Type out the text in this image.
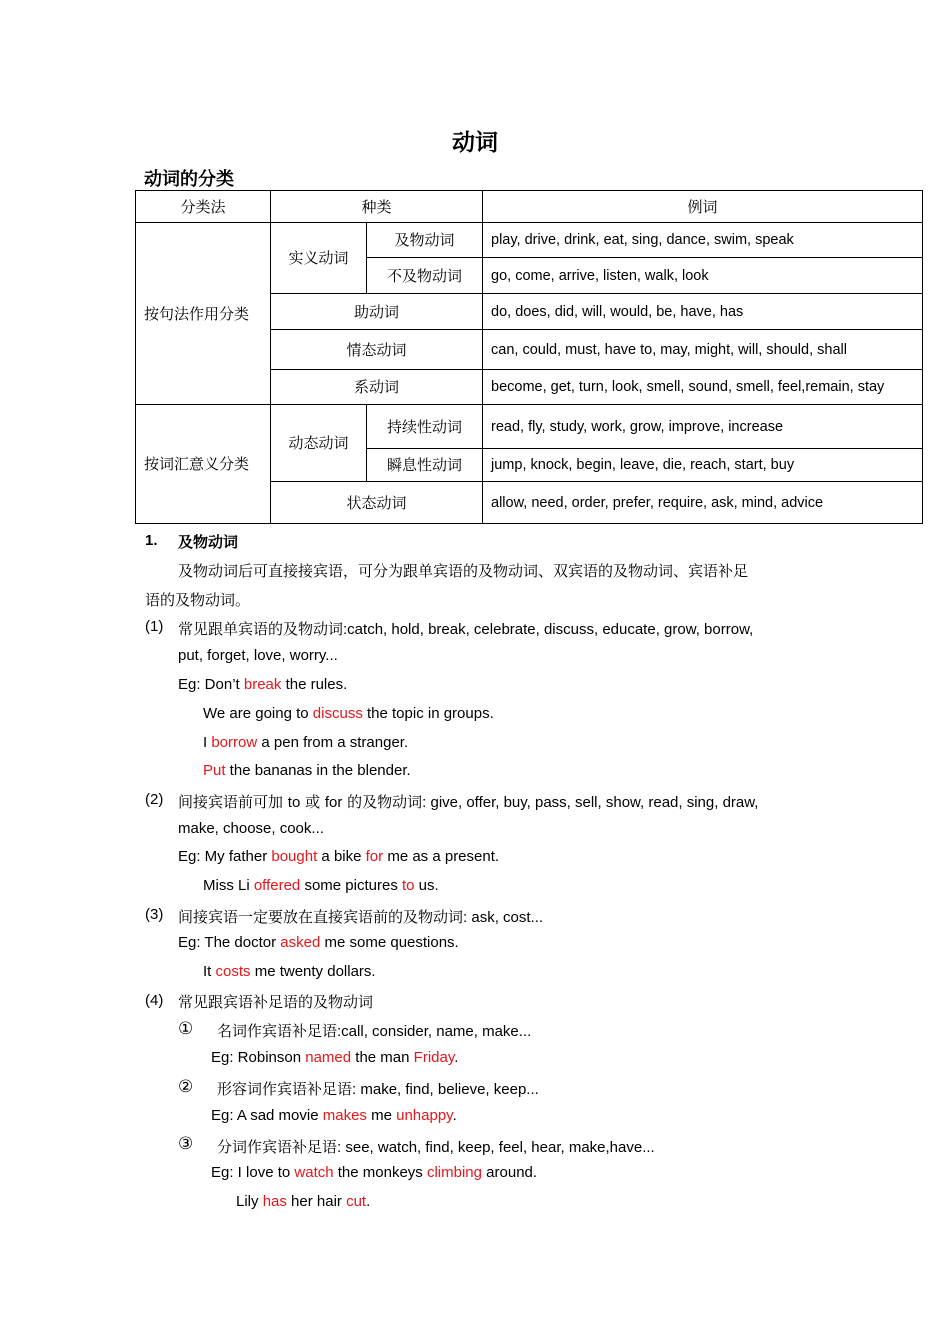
动词
动词的分类
分类法	种类		例词
按句法作用分类	实义动词	及物动词	play, drive, drink, eat, sing, dance, swim, speak
		不及物动词	go, come, arrive, listen, walk, look
	助动词		do, does, did, will, would, be, have, has
	情态动词		can, could, must, have to, may, might, will, should, shall
	系动词		become, get, turn, look, smell, sound, smell, feel,remain, stay
按词汇意义分类	动态动词	持续性动词	read, fly, study, work, grow, improve, increase
		瞬息性动词	jump, knock, begin, leave, die, reach, start, buy
	状态动词		allow, need, order, prefer, require, ask, mind, advice
1. 及物动词
及物动词后可直接接宾语，可分为跟单宾语的及物动词、双宾语的及物动词、宾语补足
语的及物动词。
(1) 常见跟单宾语的及物动词:catch, hold, break, celebrate, discuss, educate, grow, borrow,
put, forget, love, worry...
Eg: Don’t break the rules.
We are going to discuss the topic in groups.
I borrow a pen from a stranger.
Put the bananas in the blender.
(2) 间接宾语前可加 to 或 for 的及物动词: give, offer, buy, pass, sell, show, read, sing, draw,
make, choose, cook...
Eg: My father bought a bike for me as a present.
Miss Li offered some pictures to us.
(3) 间接宾语一定要放在直接宾语前的及物动词: ask, cost...
Eg: The doctor asked me some questions.
It costs me twenty dollars.
(4) 常见跟宾语补足语的及物动词
① 名词作宾语补足语:call, consider, name, make...
Eg: Robinson named the man Friday.
② 形容词作宾语补足语: make, find, believe, keep...
Eg: A sad movie makes me unhappy.
③ 分词作宾语补足语: see, watch, find, keep, feel, hear, make,have...
Eg: I love to watch the monkeys climbing around.
Lily has her hair cut.
